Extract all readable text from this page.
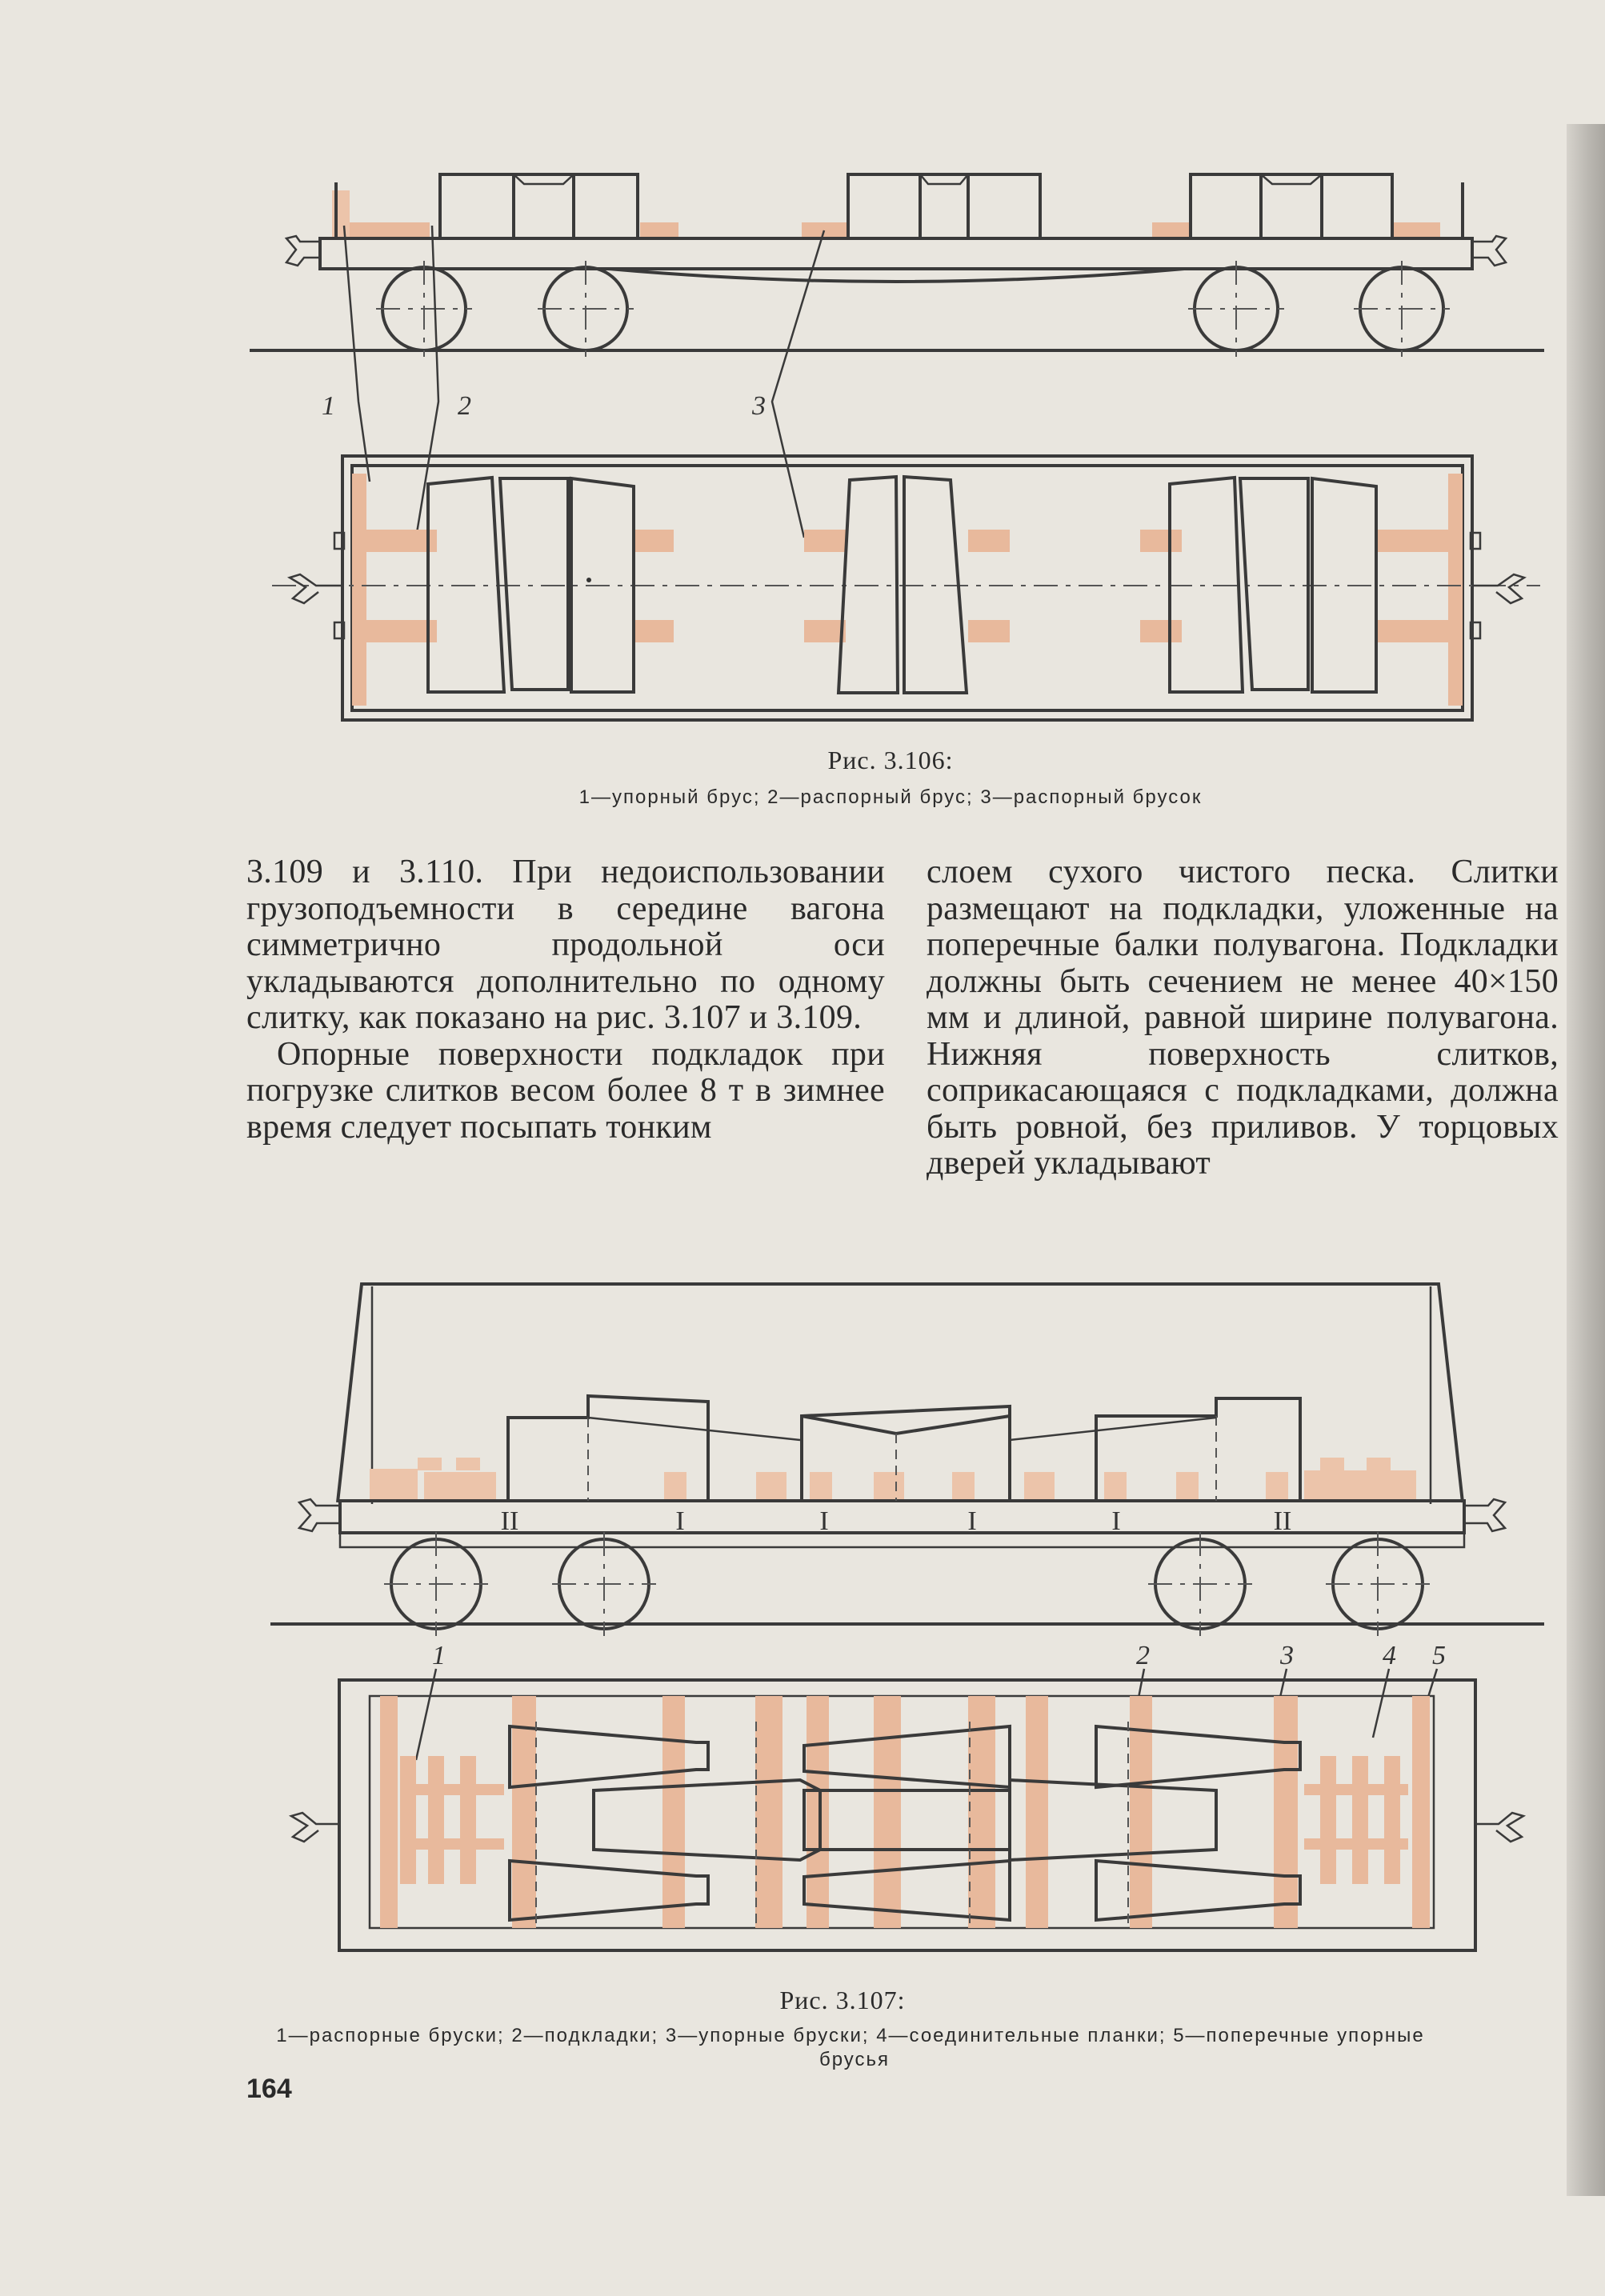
1	2	3
Рис. 3.106:
1—упорный брус; 2—распорный брус; 3—распорный брусок

3.109 и 3.110. При недоиспользовании грузоподъемности в середине вагона симметрично продольной оси укладываются дополнительно по одному слитку, как показано на рис. 3.107 и 3.109.

Опорные поверхности подкладок при погрузке слитков весом более 8 т в зимнее время следует посыпать тонким

слоем сухого чистого песка. Слитки размещают на подкладки, уложенные на поперечные балки полувагона. Подкладки должны быть сечением не менее 40×150 мм и длиной, равной ширине полувагона. Нижняя поверхность слитков, соприкасающаяся с подкладками, должна быть ровной, без приливов. У торцовых дверей укладывают

II	I	I	I	I	II
1	2	3	4 5
Рис. 3.107:
1—распорные бруски; 2—подкладки; 3—упорные бруски; 4—соединительные планки; 5—поперечные упорные
брусья
164
